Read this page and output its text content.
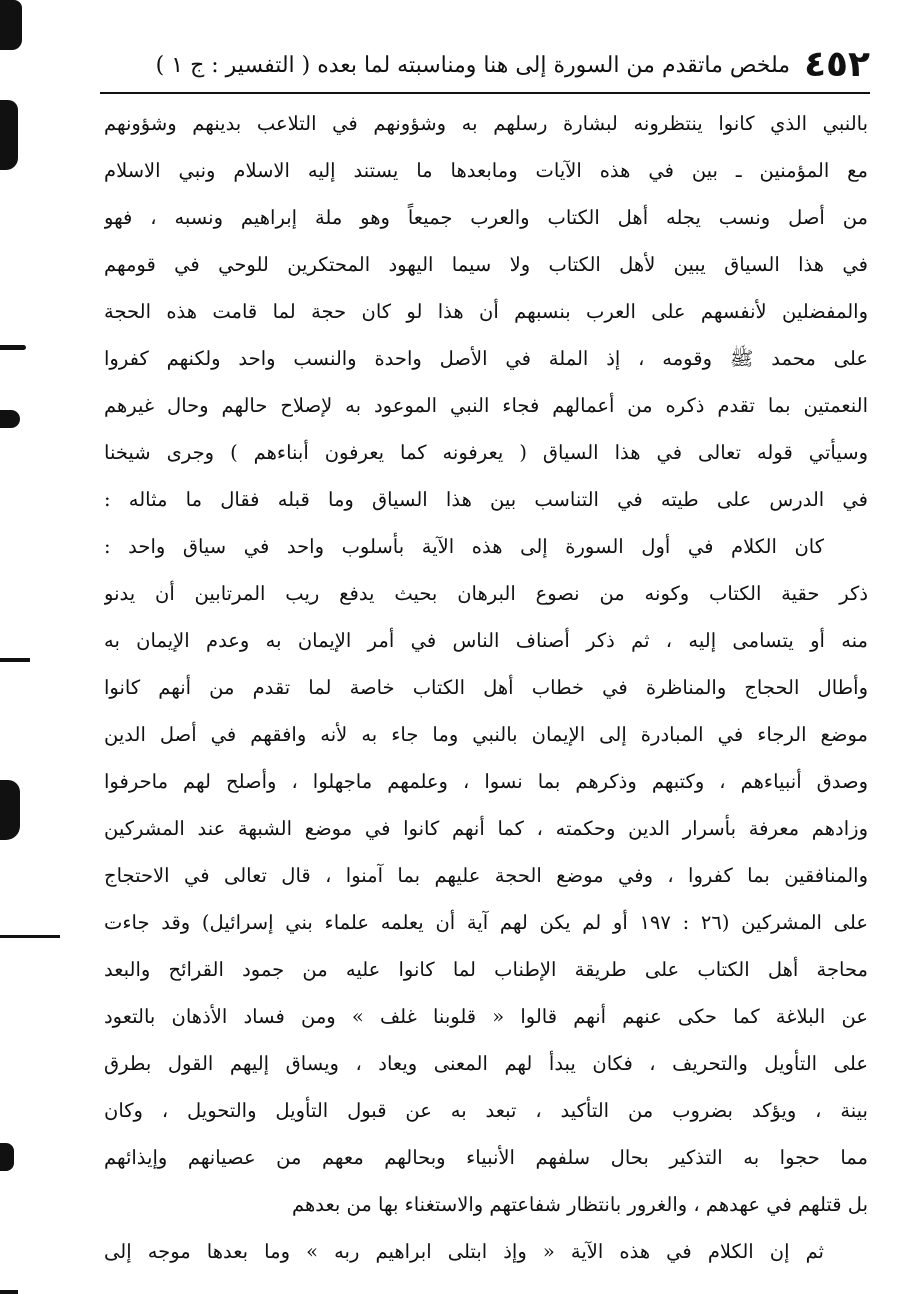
٤٥٢
ملخص ماتقدم من السورة إلى هنا ومناسبته لما بعده ( التفسير : ج ١ )
بالنبي الذي كانوا ينتظرونه لبشارة رسلهم به وشؤونهم في التلاعب بدينهم وشؤونهم
مع المؤمنين ـ بين في هذه الآيات ومابعدها ما يستند إليه الاسلام ونبي الاسلام
من أصل ونسب يجله أهل الكتاب والعرب جميعاً وهو ملة إبراهيم ونسبه ، فهو
في هذا السياق يبين لأهل الكتاب ولا سيما اليهود المحتكرين للوحي في قومهم
والمفضلين لأنفسهم على العرب بنسبهم أن هذا لو كان حجة لما قامت هذه الحجة
على محمد ﷺ وقومه ، إذ الملة في الأصل واحدة والنسب واحد ولكنهم كفروا
النعمتين بما تقدم ذكره من أعمالهم فجاء النبي الموعود به لإصلاح حالهم وحال غيرهم
وسيأتي قوله تعالى في هذا السياق ( يعرفونه كما يعرفون أبناءهم ) وجرى شيخنا
في الدرس على طيته في التناسب بين هذا السياق وما قبله فقال ما مثاله :
كان الكلام في أول السورة إلى هذه الآية بأسلوب واحد في سياق واحد :
ذكر حقية الكتاب وكونه من نصوع البرهان بحيث يدفع ريب المرتابين أن يدنو
منه أو يتسامى إليه ، ثم ذكر أصناف الناس في أمر الإيمان به وعدم الإيمان به
وأطال الحجاج والمناظرة في خطاب أهل الكتاب خاصة لما تقدم من أنهم كانوا
موضع الرجاء في المبادرة إلى الإيمان بالنبي وما جاء به لأنه وافقهم في أصل الدين
وصدق أنبياءهم ، وكتبهم وذكرهم بما نسوا ، وعلمهم ماجهلوا ، وأصلح لهم ماحرفوا
وزادهم معرفة بأسرار الدين وحكمته ، كما أنهم كانوا في موضع الشبهة عند المشركين
والمنافقين بما كفروا ، وفي موضع الحجة عليهم بما آمنوا ، قال تعالى في الاحتجاج
على المشركين (٢٦ : ١٩٧ أو لم يكن لهم آية أن يعلمه علماء بني إسرائيل) وقد جاءت
محاجة أهل الكتاب على طريقة الإطناب لما كانوا عليه من جمود القرائح والبعد
عن البلاغة كما حكى عنهم أنهم قالوا « قلوبنا غلف » ومن فساد الأذهان بالتعود
على التأويل والتحريف ، فكان يبدأ لهم المعنى ويعاد ، ويساق إليهم القول بطرق
بينة ، ويؤكد بضروب من التأكيد ، تبعد به عن قبول التأويل والتحويل ، وكان
مما حجوا به التذكير بحال سلفهم الأنبياء وبحالهم معهم من عصيانهم وإيذائهم
بل قتلهم في عهدهم ، والغرور بانتظار شفاعتهم والاستغناء بها من بعدهم
ثم إن الكلام في هذه الآية « وإذ ابتلى ابراهيم ربه » وما بعدها موجه إلى
